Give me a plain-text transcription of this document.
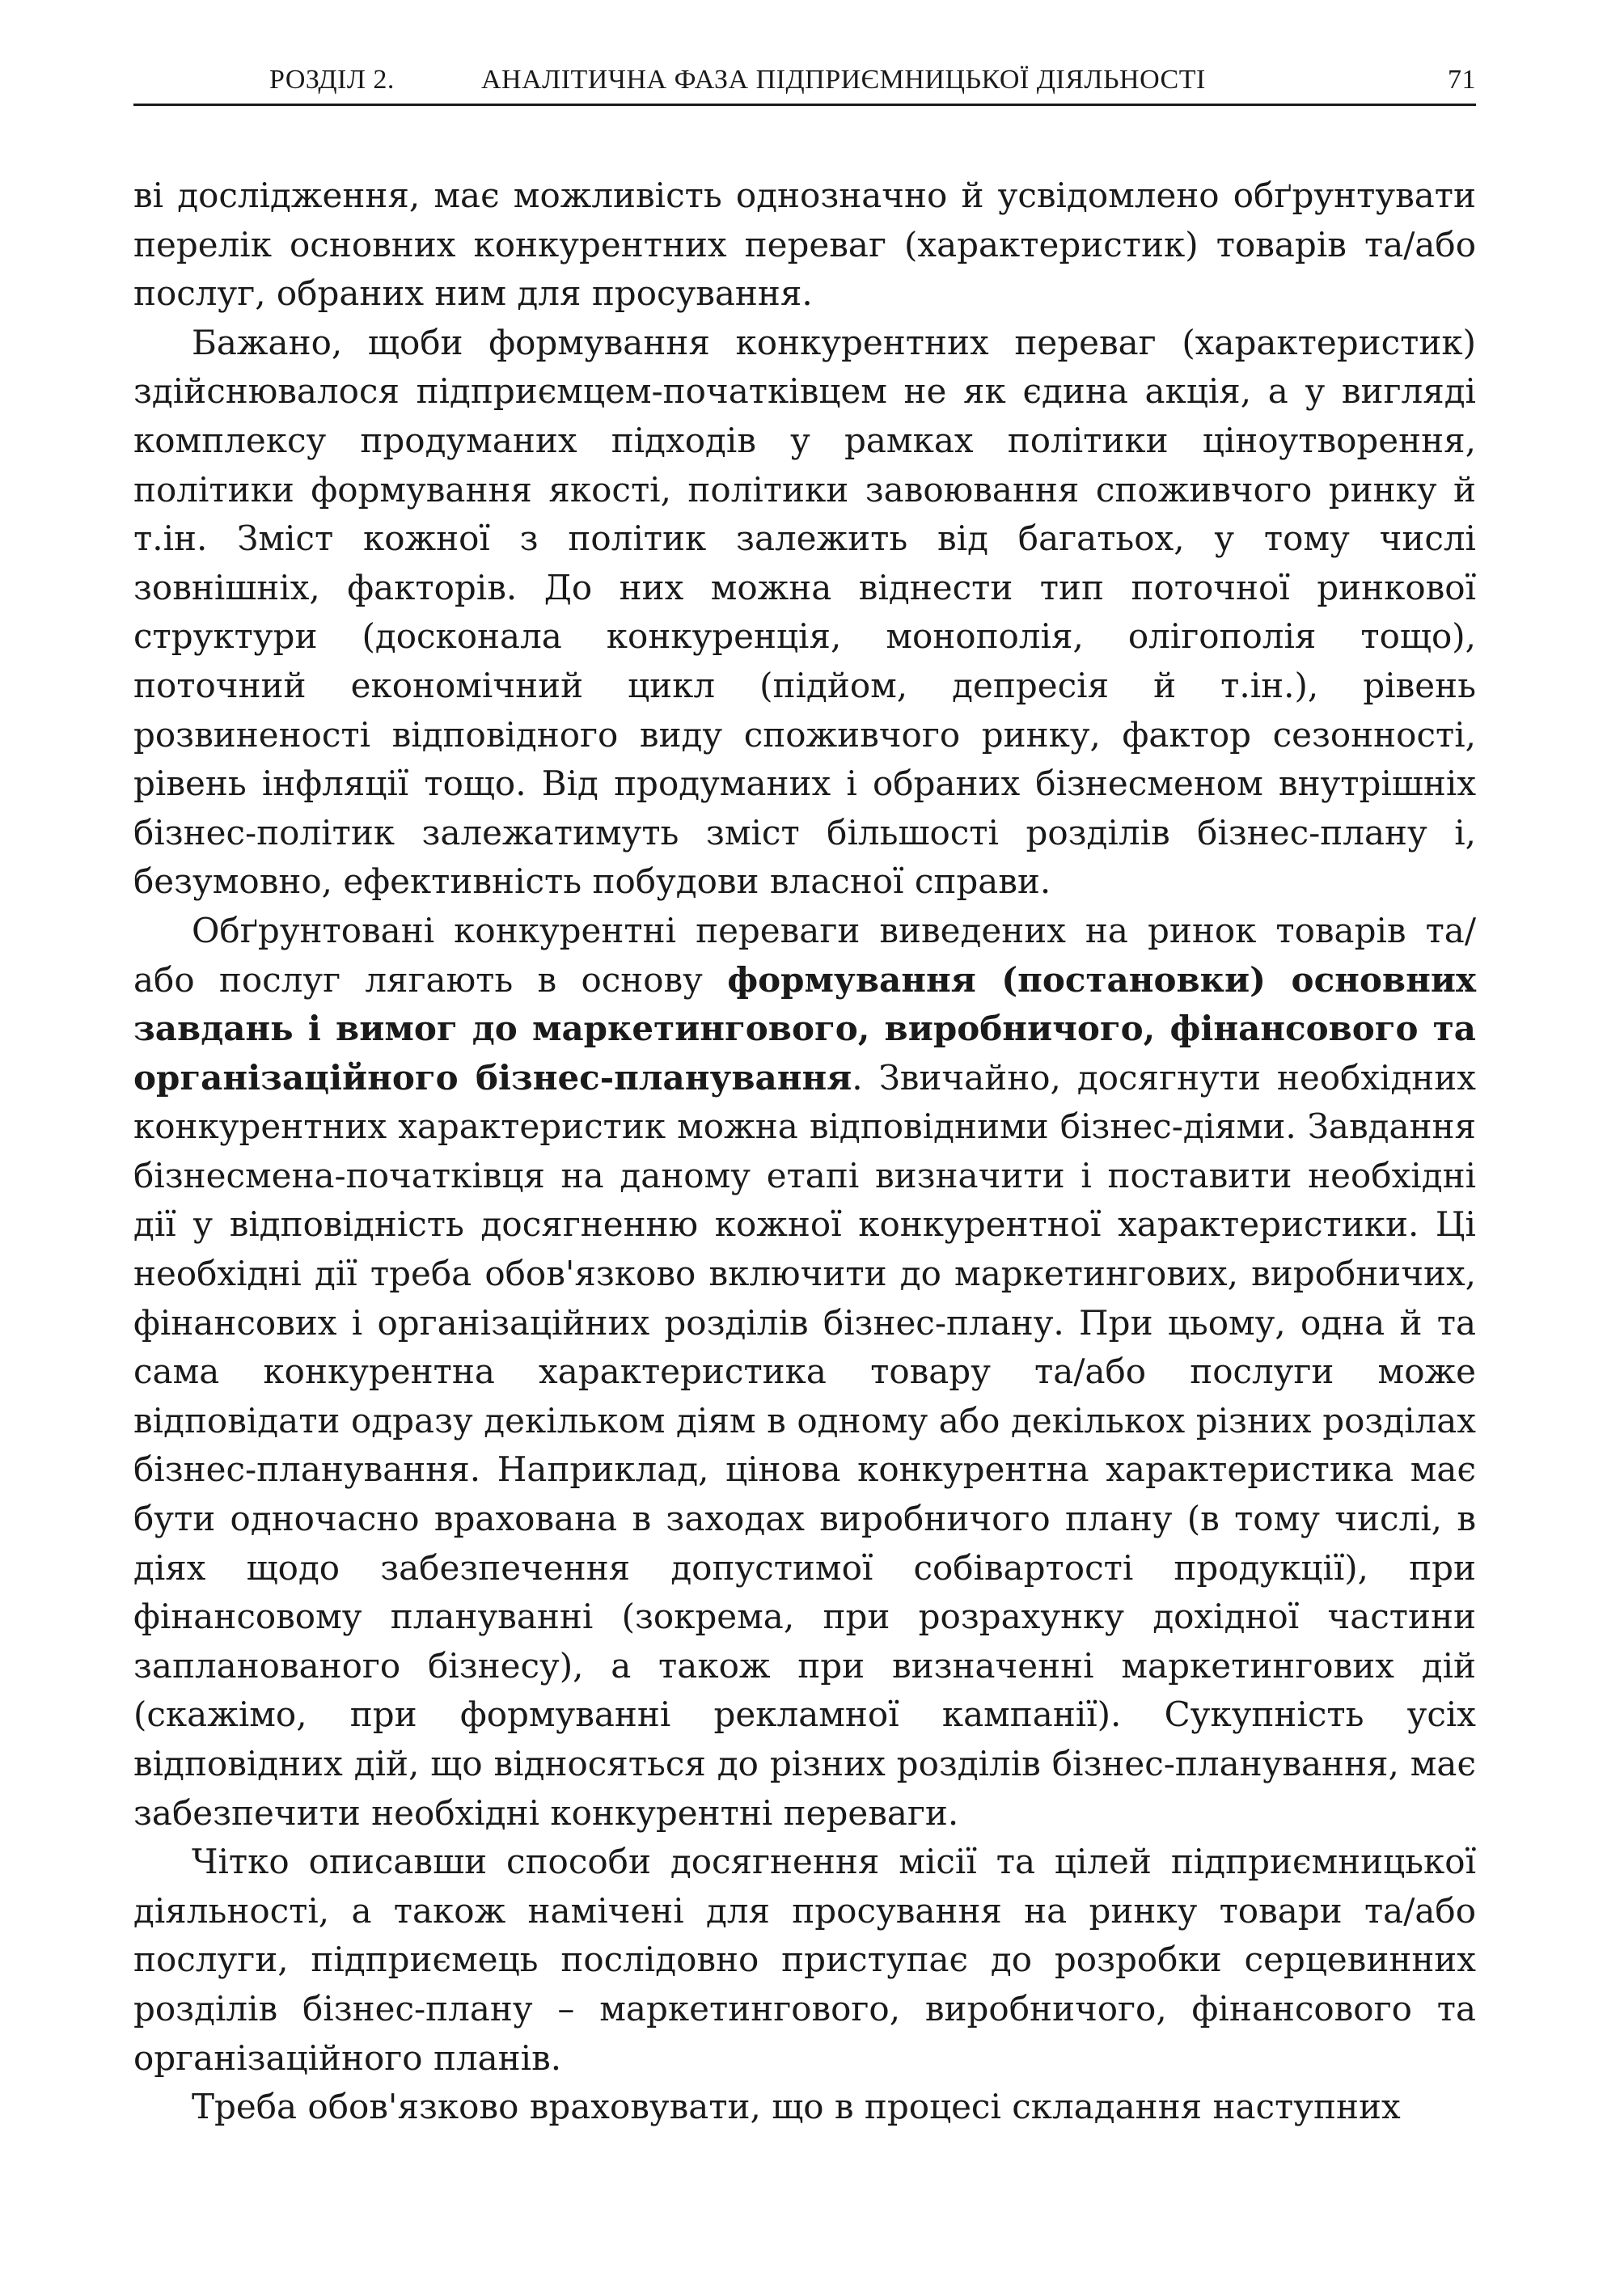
РОЗДІЛ 2.	АНАЛІТИЧНА ФАЗА ПІДПРИЄМНИЦЬКОЇ ДІЯЛЬНОСТІ	71

ві дослідження, має можливість однозначно й усвідомлено обґрунтувати перелік основних конкурентних переваг (характеристик) товарів та/або послуг, обраних ним для просування.

Бажано, щоби формування конкурентних переваг (характеристик) здійснювалося підприємцем-початківцем не як єдина акція, а у вигляді комплексу продуманих підходів у рамках політики ціноутворення, політики формування якості, політики завоювання споживчого ринку й т.ін. Зміст кожної з політик залежить від багатьох, у тому числі зовнішніх, факторів. До них можна віднести тип поточної ринкової структури (досконала конкуренція, монополія, олігополія тощо), поточний економічний цикл (підйом, депресія й т.ін.), рівень розвиненості відповідного виду споживчого ринку, фактор сезонності, рівень інфляції тощо. Від продуманих і обраних бізнесменом внутрішніх бізнес-політик залежатимуть зміст більшості розділів бізнес-плану і, безумовно, ефективність побудови власної справи.

Обґрунтовані конкурентні переваги виведених на ринок товарів та/або послуг лягають в основу формування (постановки) основних завдань і вимог до маркетингового, виробничого, фінансового та організаційного бізнес-планування. Звичайно, досягнути необхідних конкурентних характеристик можна відповідними бізнес-діями. Завдання бізнесмена-початківця на даному етапі визначити і поставити необхідні дії у відповідність досягненню кожної конкурентної характеристики. Ці необхідні дії треба обов'язково включити до маркетингових, виробничих, фінансових і організаційних розділів бізнес-плану. При цьому, одна й та сама конкурентна характеристика товару та/або послуги може відповідати одразу декільком діям в одному або декількох різних розділах бізнес-планування. Наприклад, цінова конкурентна характеристика має бути одночасно врахована в заходах виробничого плану (в тому числі, в діях щодо забезпечення допустимої собівартості продукції), при фінансовому плануванні (зокрема, при розрахунку дохідної частини запланованого бізнесу), а також при визначенні маркетингових дій (скажімо, при формуванні рекламної кампанії). Сукупність усіх відповідних дій, що відносяться до різних розділів бізнес-планування, має забезпечити необхідні конкурентні переваги.

Чітко описавши способи досягнення місії та цілей підприємницької діяльності, а також намічені для просування на ринку товари та/або послуги, підприємець послідовно приступає до розробки серцевинних розділів бізнес-плану – маркетингового, виробничого, фінансового та організаційного планів.

Треба обов'язково враховувати, що в процесі складання наступних
